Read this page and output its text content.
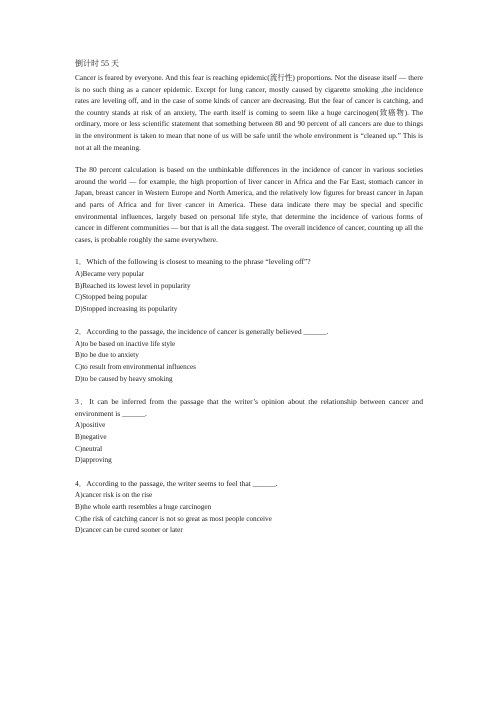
倒计时 55 天

Cancer is feared by everyone. And this fear is reaching epidemic(流行性) proportions. Not the disease itself — there is no such thing as a cancer epidemic. Except for lung cancer, mostly caused by cigarette smoking ,the incidence rates are leveling off, and in the case of some kinds of cancer are decreasing. But the fear of cancer is catching, and the country stands at risk of an anxiety, The earth itself is coming to seem like a huge carcinogen(致癌物). The ordinary, more or less scientific statement that something between 80 and 90 percent of all cancers are due to things in the environment is taken to mean that none of us will be safe until the whole environment is “cleaned up.” This is not at all the meaning.

The 80 percent calculation is based on the unthinkable differences in the incidence of cancer in various societies around the world — for example, the high proportion of liver cancer in Africa and the Far East, stomach cancer in Japan, breast cancer in Western Europe and North America, and the relatively low figures for breast cancer in Japan and parts of Africa and for liver cancer in America. These data indicate there may be special and specific environmental influences, largely based on personal life style, that determine the incidence of various forms of cancer in different communities — but that is all the data suggest. The overall incidence of cancer, counting up all the cases, is probable roughly the same everywhere.

1．Which of the following is closest to meaning to the phrase “leveling off”?

A)Became very popular

B)Reached its lowest level in popularity

C)Stopped being popular

D)Stopped increasing its popularity

2．According to the passage, the incidence of cancer is generally believed ______.

A)to be based on inactive life style

B)to be due to anxiety

C)to result from environmental influences

D)to be caused by heavy smoking

3．It can be inferred from the passage that the writer’s opinion about the relationship between cancer and environment is ______.

A)positive

B)negative

C)neutral

D)approving

4．According to the passage, the writer seems to feel that ______.

A)cancer risk is on the rise

B)the whole earth resembles a huge carcinogen

C)the risk of catching cancer is not so great as most people conceive

D)cancer can be cured sooner or later
